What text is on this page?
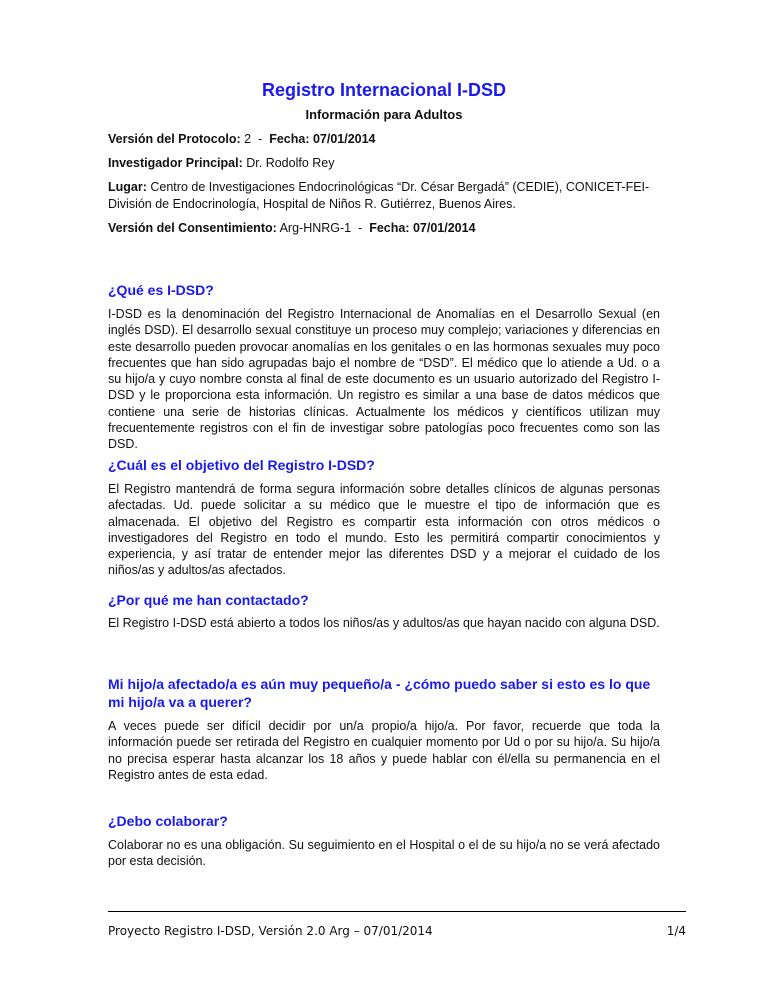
Registro Internacional I-DSD
Información para Adultos
Versión del Protocolo: 2 - Fecha: 07/01/2014
Investigador Principal: Dr. Rodolfo Rey
Lugar: Centro de Investigaciones Endocrinológicas “Dr. César Bergadá” (CEDIE), CONICET-FEI-División de Endocrinología, Hospital de Niños R. Gutiérrez, Buenos Aires.
Versión del Consentimiento: Arg-HNRG-1 - Fecha: 07/01/2014
¿Qué es I-DSD?
I-DSD es la denominación del Registro Internacional de Anomalías en el Desarrollo Sexual (en inglés DSD). El desarrollo sexual constituye un proceso muy complejo; variaciones y diferencias en este desarrollo pueden provocar anomalías en los genitales o en las hormonas sexuales muy poco frecuentes que han sido agrupadas bajo el nombre de “DSD”. El médico que lo atiende a Ud. o a su hijo/a y cuyo nombre consta al final de este documento es un usuario autorizado del Registro I-DSD y le proporciona esta información. Un registro es similar a una base de datos médicos que contiene una serie de historias clínicas. Actualmente los médicos y científicos utilizan muy frecuentemente registros con el fin de investigar sobre patologías poco frecuentes como son las DSD.
¿Cuál es el objetivo del Registro I-DSD?
El Registro mantendrá de forma segura información sobre detalles clínicos de algunas personas afectadas. Ud. puede solicitar a su médico que le muestre el tipo de información que es almacenada. El objetivo del Registro es compartir esta información con otros médicos o investigadores del Registro en todo el mundo. Esto les permitirá compartir conocimientos y experiencia, y así tratar de entender mejor las diferentes DSD y a mejorar el cuidado de los niños/as y adultos/as afectados.
¿Por qué me han contactado?
El Registro I-DSD está abierto a todos los niños/as y adultos/as que hayan nacido con alguna DSD.
Mi hijo/a afectado/a es aún muy pequeño/a - ¿cómo puedo saber si esto es lo que mi hijo/a va a querer?
A veces puede ser difícil decidir por un/a propio/a hijo/a. Por favor, recuerde que toda la información puede ser retirada del Registro en cualquier momento por Ud o por su hijo/a. Su hijo/a no precisa esperar hasta alcanzar los 18 años y puede hablar con él/ella su permanencia en el Registro antes de esta edad.
¿Debo colaborar?
Colaborar no es una obligación. Su seguimiento en el Hospital o el de su hijo/a no se verá afectado por esta decisión.
Proyecto Registro I-DSD, Versión 2.0 Arg – 07/01/2014	1/4
